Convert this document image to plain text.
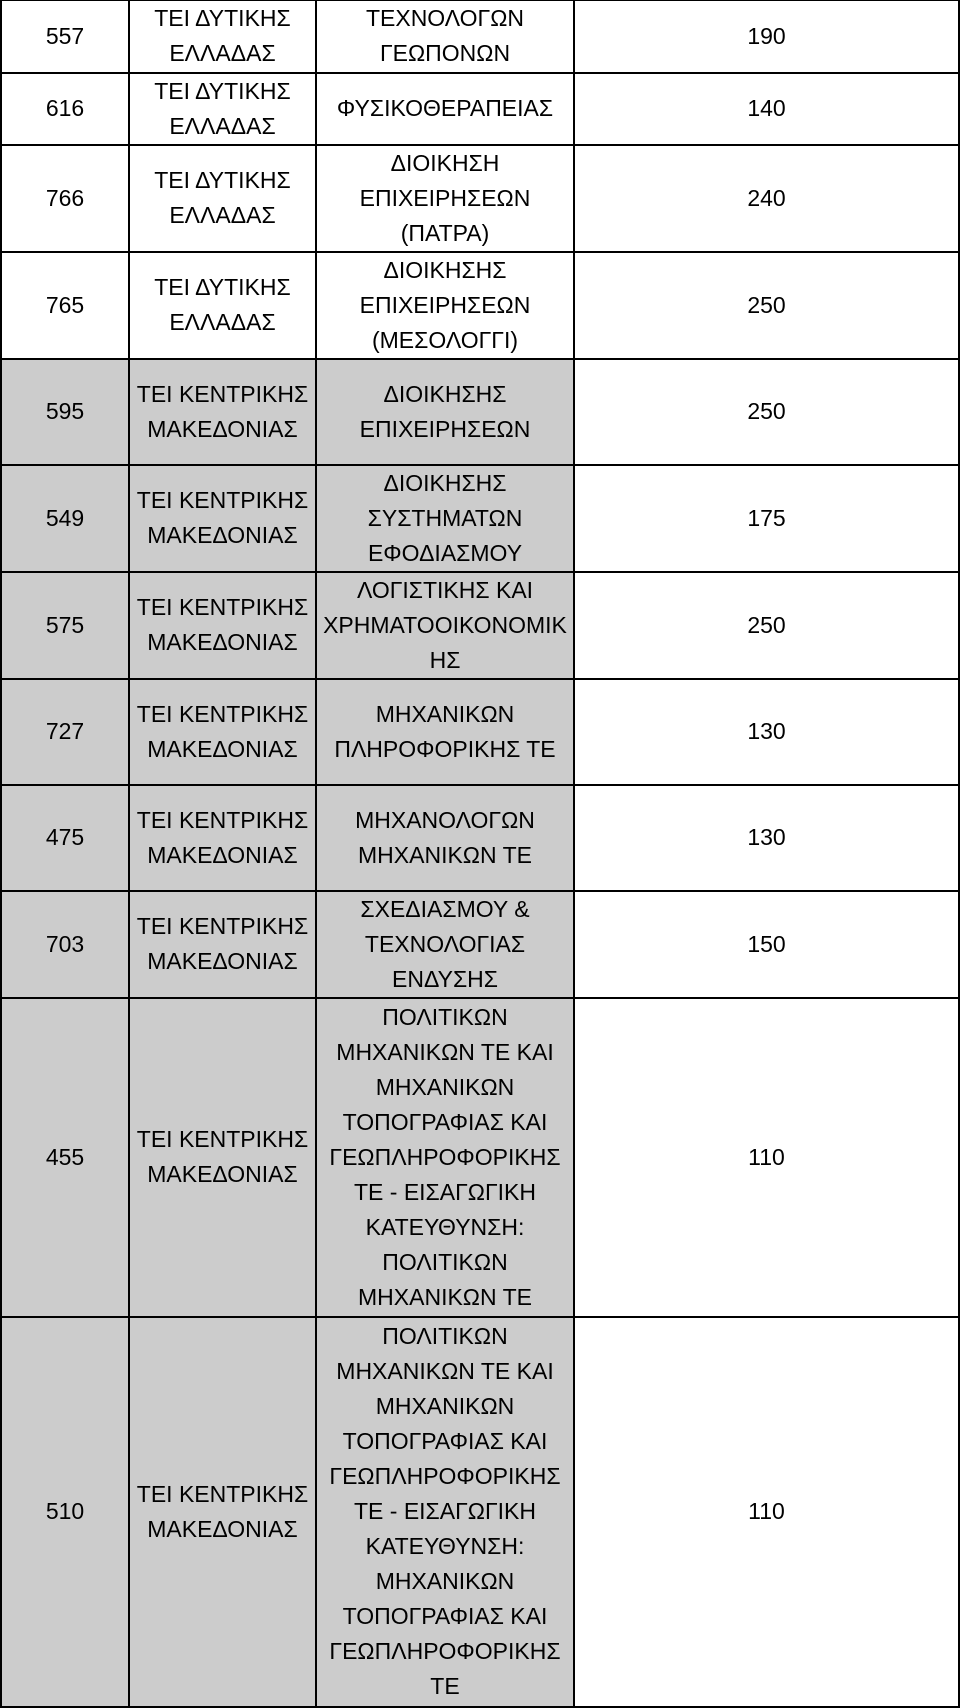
557	ΤΕΙ ΔΥΤΙΚΗΣ ΕΛΛΑΔΑΣ	ΤΕΧΝΟΛΟΓΩΝ ΓΕΩΠΟΝΩΝ	190
616	ΤΕΙ ΔΥΤΙΚΗΣ ΕΛΛΑΔΑΣ	ΦΥΣΙΚΟΘΕΡΑΠΕΙΑΣ	140
766	ΤΕΙ ΔΥΤΙΚΗΣ ΕΛΛΑΔΑΣ	ΔΙΟΙΚΗΣΗ ΕΠΙΧΕΙΡΗΣΕΩΝ (ΠΑΤΡΑ)	240
765	ΤΕΙ ΔΥΤΙΚΗΣ ΕΛΛΑΔΑΣ	ΔΙΟΙΚΗΣΗΣ ΕΠΙΧΕΙΡΗΣΕΩΝ (ΜΕΣΟΛΟΓΓΙ)	250
595	ΤΕΙ ΚΕΝΤΡΙΚΗΣ ΜΑΚΕΔΟΝΙΑΣ	ΔΙΟΙΚΗΣΗΣ ΕΠΙΧΕΙΡΗΣΕΩΝ	250
549	ΤΕΙ ΚΕΝΤΡΙΚΗΣ ΜΑΚΕΔΟΝΙΑΣ	ΔΙΟΙΚΗΣΗΣ ΣΥΣΤΗΜΑΤΩΝ ΕΦΟΔΙΑΣΜΟΥ	175
575	ΤΕΙ ΚΕΝΤΡΙΚΗΣ ΜΑΚΕΔΟΝΙΑΣ	ΛΟΓΙΣΤΙΚΗΣ ΚΑΙ ΧΡΗΜΑΤΟΟΙΚΟΝΟΜΙΚΗΣ	250
727	ΤΕΙ ΚΕΝΤΡΙΚΗΣ ΜΑΚΕΔΟΝΙΑΣ	ΜΗΧΑΝΙΚΩΝ ΠΛΗΡΟΦΟΡΙΚΗΣ ΤΕ	130
475	ΤΕΙ ΚΕΝΤΡΙΚΗΣ ΜΑΚΕΔΟΝΙΑΣ	ΜΗΧΑΝΟΛΟΓΩΝ ΜΗΧΑΝΙΚΩΝ ΤΕ	130
703	ΤΕΙ ΚΕΝΤΡΙΚΗΣ ΜΑΚΕΔΟΝΙΑΣ	ΣΧΕΔΙΑΣΜΟΥ & ΤΕΧΝΟΛΟΓΙΑΣ ΕΝΔΥΣΗΣ	150
455	ΤΕΙ ΚΕΝΤΡΙΚΗΣ ΜΑΚΕΔΟΝΙΑΣ	ΠΟΛΙΤΙΚΩΝ ΜΗΧΑΝΙΚΩΝ ΤΕ ΚΑΙ ΜΗΧΑΝΙΚΩΝ ΤΟΠΟΓΡΑΦΙΑΣ ΚΑΙ ΓΕΩΠΛΗΡΟΦΟΡΙΚΗΣ ΤΕ - ΕΙΣΑΓΩΓΙΚΗ ΚΑΤΕΥΘΥΝΣΗ: ΠΟΛΙΤΙΚΩΝ ΜΗΧΑΝΙΚΩΝ ΤΕ	110
510	ΤΕΙ ΚΕΝΤΡΙΚΗΣ ΜΑΚΕΔΟΝΙΑΣ	ΠΟΛΙΤΙΚΩΝ ΜΗΧΑΝΙΚΩΝ ΤΕ ΚΑΙ ΜΗΧΑΝΙΚΩΝ ΤΟΠΟΓΡΑΦΙΑΣ ΚΑΙ ΓΕΩΠΛΗΡΟΦΟΡΙΚΗΣ ΤΕ - ΕΙΣΑΓΩΓΙΚΗ ΚΑΤΕΥΘΥΝΣΗ: ΜΗΧΑΝΙΚΩΝ ΤΟΠΟΓΡΑΦΙΑΣ ΚΑΙ ΓΕΩΠΛΗΡΟΦΟΡΙΚΗΣ ΤΕ	110
